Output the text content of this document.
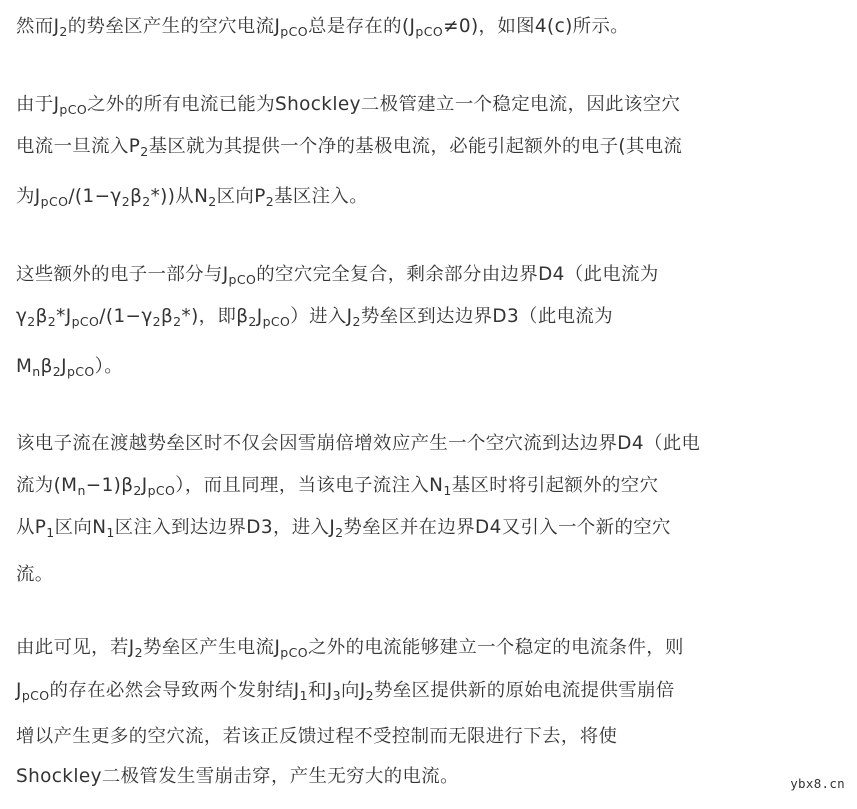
然而$J_2$的势垒区产生的空穴电流$J_{pCO}$总是存在的$(J_{pCO}\ne 0)$，如图4(c)所示。
由于$J_{pCO}$之外的所有电流已能为Shockley二极管建立一个稳定电流，因此该空穴
电流一旦流入$P_2$基区就为其提供一个净的基极电流，必能引起额外的电子(其电流
为$J_{pCO}/(1-\gamma_2\beta_2*)$)从$N_2$区向$P_2$基区注入。
这些额外的电子一部分与$J_{pCO}$的空穴完全复合，剩余部分由边界D4（此电流为
$\gamma_2\beta_2*J_{pCO}/(1-\gamma_2\beta_2*)$，即$\beta_2J_{pCO}$）进入$J_2$势垒区到达边界D3（此电流为
$M_n\beta_2J_{pCO}$）。
该电子流在渡越势垒区时不仅会因雪崩倍增效应产生一个空穴流到达边界D4（此电
流为$(M_n-1)\beta_2J_{pCO}$），而且同理，当该电子流注入$N_1$基区时将引起额外的空穴
从$P_1$区向$N_1$区注入到达边界D3，进入$J_2$势垒区并在边界D4又引入一个新的空穴
流。
由此可见，若$J_2$势垒区产生电流$J_{pCO}$之外的电流能够建立一个稳定的电流条件，则
$J_{pCO}$的存在必然会导致两个发射结$J_1$和$J_3$向$J_2$势垒区提供新的原始电流提供雪崩倍
增以产生更多的空穴流，若该正反馈过程不受控制而无限进行下去，将使
Shockley二极管发生雪崩击穿，产生无穷大的电流。	ybx8.cn
